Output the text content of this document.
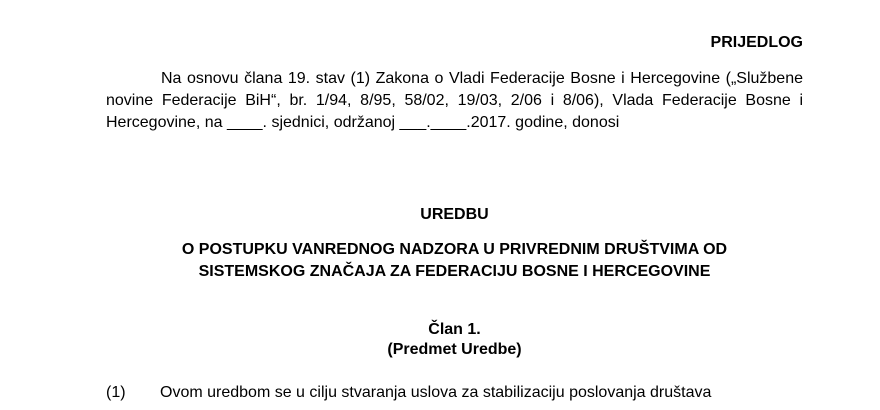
PRIJEDLOG

Na osnovu člana 19. stav (1) Zakona o Vladi Federacije Bosne i Hercegovine („Službene novine Federacije BiH“, br. 1/94, 8/95, 58/02, 19/03, 2/06 i 8/06), Vlada Federacije Bosne i Hercegovine, na ____. sjednici, održanoj ___.____.2017. godine, donosi

UREDBU

O POSTUPKU VANREDNOG NADZORA U PRIVREDNIM DRUŠTVIMA OD
SISTEMSKOG ZNAČAJA ZA FEDERACIJU BOSNE I HERCEGOVINE
Član 1.
(Predmet Uredbe)
(1) Ovom uredbom se u cilju stvaranja uslova za stabilizaciju poslovanja društava
